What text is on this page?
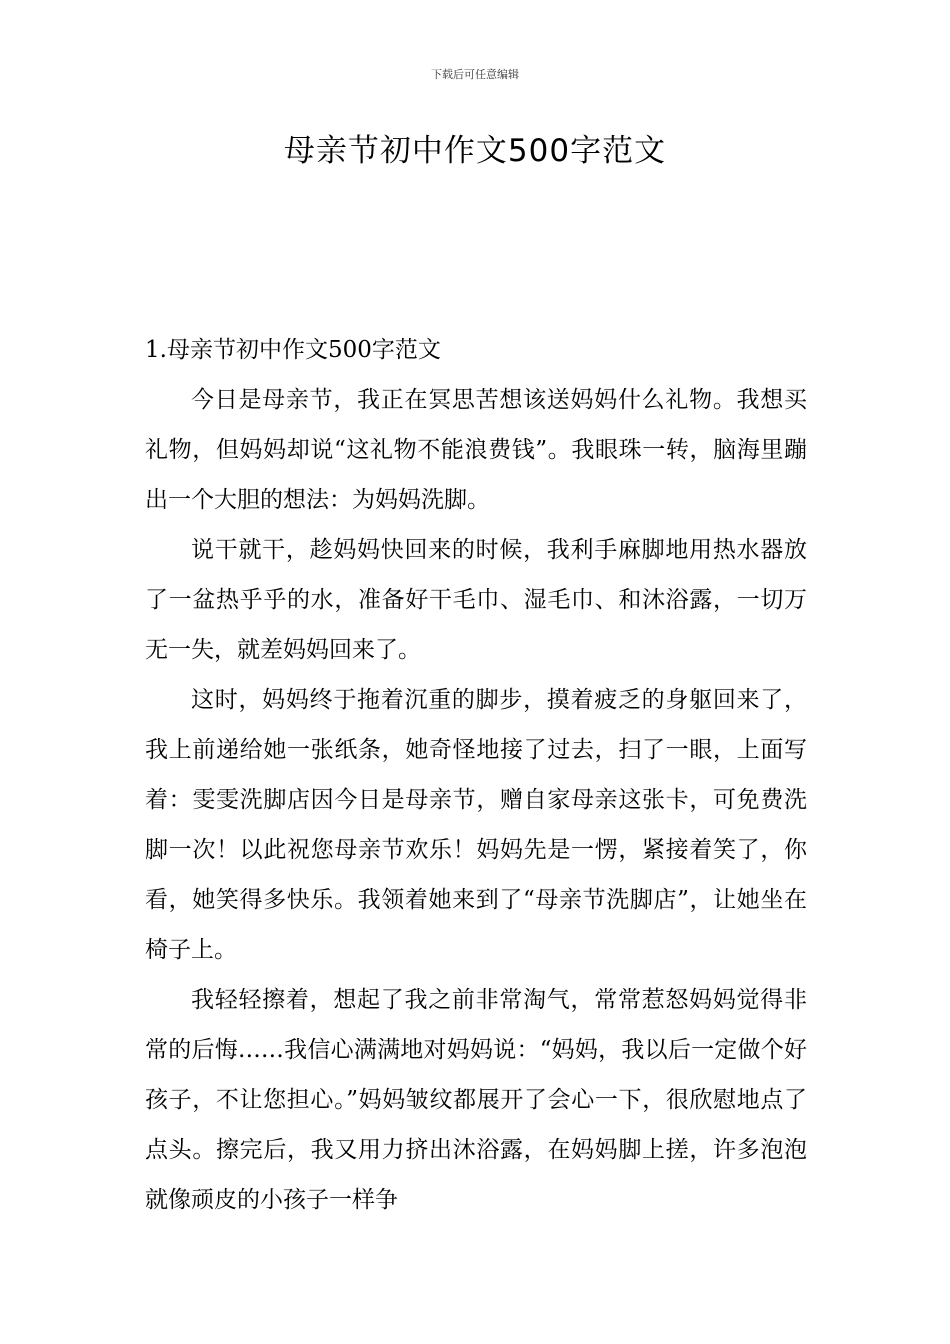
下载后可任意编辑
母亲节初中作文500字范文

1.母亲节初中作文500字范文

今日是母亲节，我正在冥思苦想该送妈妈什么礼物。我想买礼物，但妈妈却说“这礼物不能浪费钱”。我眼珠一转，脑海里蹦出一个大胆的想法：为妈妈洗脚。

说干就干，趁妈妈快回来的时候，我利手麻脚地用热水器放了一盆热乎乎的水，准备好干毛巾、湿毛巾、和沐浴露，一切万无一失，就差妈妈回来了。

这时，妈妈终于拖着沉重的脚步，摸着疲乏的身躯回来了，我上前递给她一张纸条，她奇怪地接了过去，扫了一眼，上面写着：雯雯洗脚店因今日是母亲节，赠自家母亲这张卡，可免费洗脚一次！以此祝您母亲节欢乐！妈妈先是一愣，紧接着笑了，你看，她笑得多快乐。我领着她来到了“母亲节洗脚店”，让她坐在椅子上。

我轻轻擦着，想起了我之前非常淘气，常常惹怒妈妈觉得非常的后悔……我信心满满地对妈妈说：“妈妈，我以后一定做个好孩子，不让您担心。”妈妈皱纹都展开了会心一下，很欣慰地点了点头。擦完后，我又用力挤出沐浴露，在妈妈脚上搓，许多泡泡就像顽皮的小孩子一样争
